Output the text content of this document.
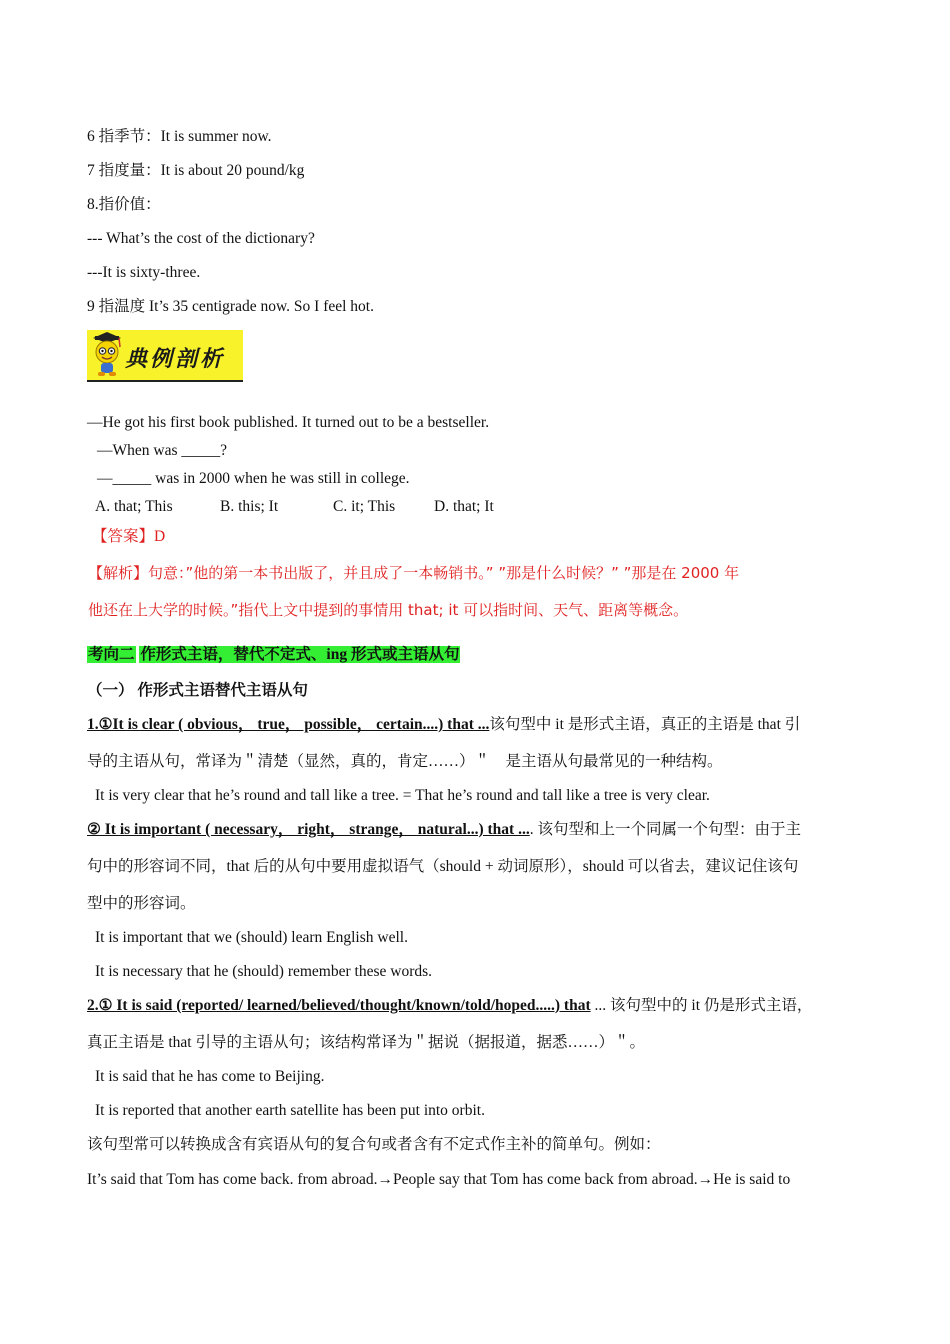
6 指季节：It is summer now.
7 指度量：It is about 20 pound/kg
8.指价值：
--- What’s the cost of the dictionary?
---It is sixty-three.
9 指温度 It’s 35 centigrade now. So I feel hot.
典例剖析
—He got his first book published. It turned out to be a bestseller.
—When was _____?
—_____ was in 2000 when he was still in college.
A. that; This	B. this; It	C. it; This	D. that; It
【答案】D
【解析】句意：”他的第一本书出版了，并且成了一本畅销书。” ”那是什么时候？” ”那是在 2000 年
他还在上大学的时候。”指代上文中提到的事情用 that; it 可以指时间、天气、距离等概念。
考向二 作形式主语，替代不定式、ing 形式或主语从句
（一） 作形式主语替代主语从句
1.①It is clear ( obvious， true， possible， certain....) that ...该句型中 it 是形式主语，真正的主语是 that 引
导的主语从句，常译为＂清楚（显然，真的，肯定……）＂　是主语从句最常见的一种结构。
It is very clear that he’s round and tall like a tree. = That he’s round and tall like a tree is very clear.
② It is important ( necessary， right， strange， natural...) that .... 该句型和上一个同属一个句型：由于主
句中的形容词不同，that 后的从句中要用虚拟语气（should + 动词原形），should 可以省去，建议记住该句
型中的形容词。
It is important that we (should) learn English well.
It is necessary that he (should) remember these words.
2.① It is said (reported/ learned/believed/thought/known/told/hoped.....) that ... 该句型中的 it 仍是形式主语，
真正主语是 that 引导的主语从句；该结构常译为＂据说（据报道，据悉……）＂。
It is said that he has come to Beijing.
It is reported that another earth satellite has been put into orbit.
该句型常可以转换成含有宾语从句的复合句或者含有不定式作主补的简单句。例如：
It’s said that Tom has come back. from abroad.→People say that Tom has come back from abroad.→He is said to
